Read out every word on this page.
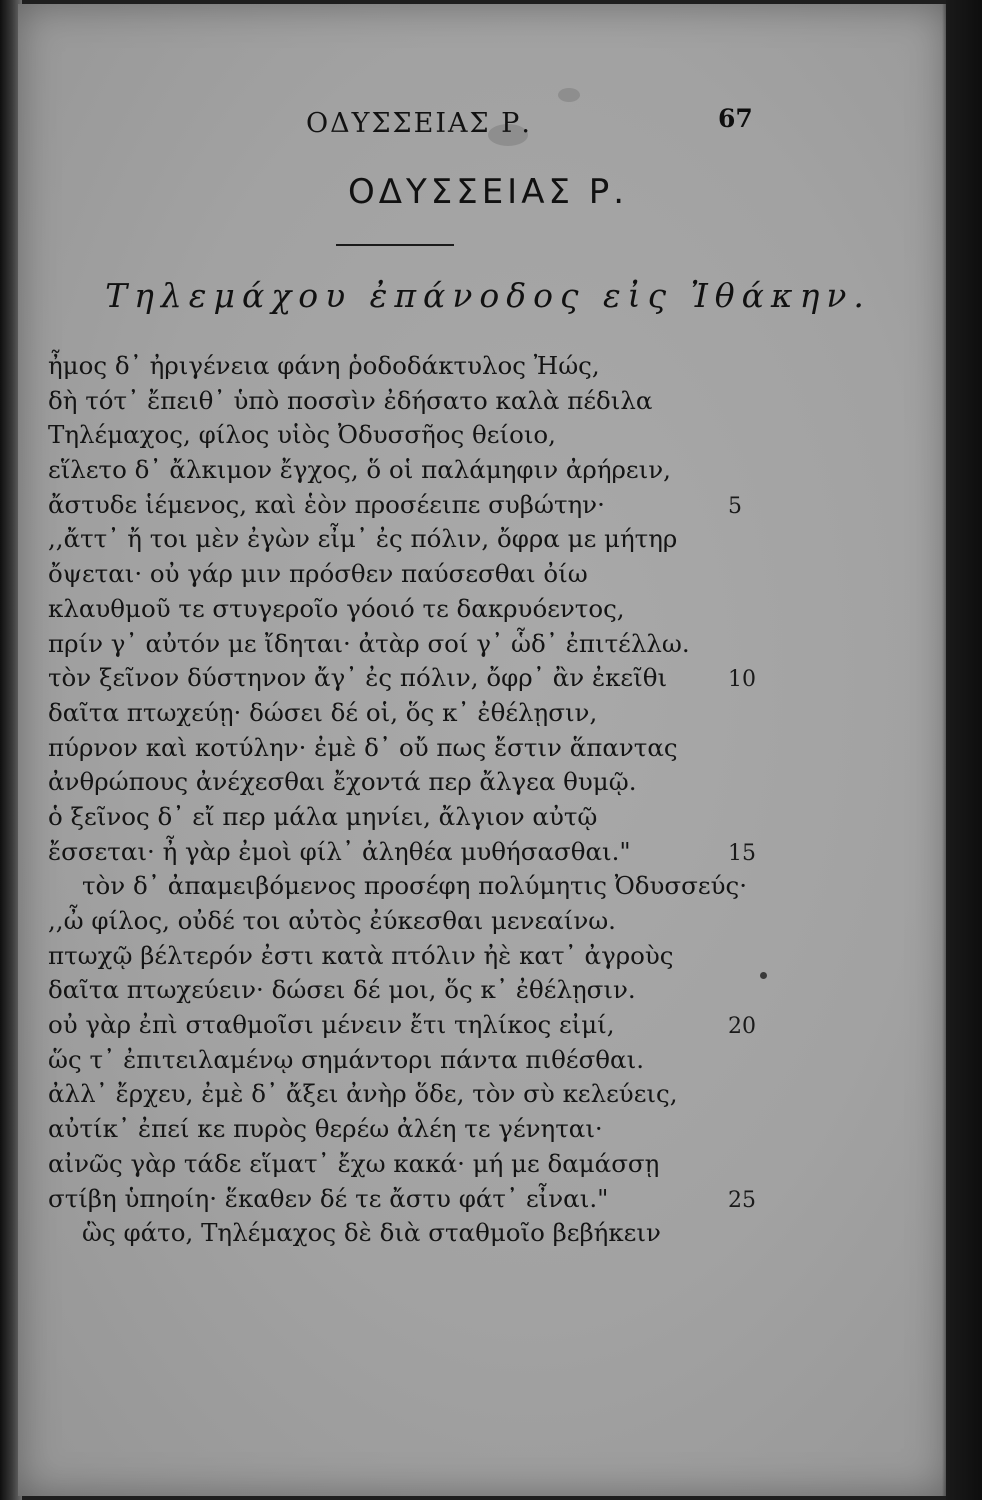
ΟΔΥΣΣΕΙΑΣ Ρ.	67
ΟΔΥΣΣΕΙΑΣ Ρ.
Τηλεμάχου ἐπάνοδος εἰς Ἰθάκην.
ἦμος δ᾽ ἠριγένεια φάνη ῥοδοδάκτυλος Ἠώς,
δὴ τότ᾽ ἔπειθ᾽ ὑπὸ ποσσὶν ἐδήσατο καλὰ πέδιλα
Τηλέμαχος, φίλος υἱὸς Ὀδυσσῆος θείοιο,
εἵλετο δ᾽ ἄλκιμον ἔγχος, ὅ οἱ παλάμηφιν ἀρήρειν,
ἄστυδε ἱέμενος, καὶ ἑὸν προσέειπε συβώτην·	5
,,ἄττ᾽ ἤ τοι μὲν ἐγὼν εἶμ᾽ ἐς πόλιν, ὄφρα με μήτηρ
ὄψεται· οὐ γάρ μιν πρόσθεν παύσεσθαι ὀίω
κλαυθμοῦ τε στυγεροῖο γόοιό τε δακρυόεντος,
πρίν γ᾽ αὐτόν με ἴδηται· ἀτὰρ σοί γ᾽ ὧδ᾽ ἐπιτέλλω.
τὸν ξεῖνον δύστηνον ἄγ᾽ ἐς πόλιν, ὄφρ᾽ ἂν ἐκεῖθι	10
δαῖτα πτωχεύῃ· δώσει δέ οἱ, ὅς κ᾽ ἐθέλῃσιν,
πύρνον καὶ κοτύλην· ἐμὲ δ᾽ οὔ πως ἔστιν ἅπαντας
ἀνθρώπους ἀνέχεσθαι ἔχοντά περ ἄλγεα θυμῷ.
ὁ ξεῖνος δ᾽ εἴ περ μάλα μηνίει, ἄλγιον αὐτῷ
ἔσσεται· ἦ γὰρ ἐμοὶ φίλ᾽ ἀληθέα μυθήσασθαι."	15
τὸν δ᾽ ἀπαμειβόμενος προσέφη πολύμητις Ὀδυσσεύς·
,,ὦ φίλος, οὐδέ τοι αὐτὸς ἐύκεσθαι μενεαίνω.
πτωχῷ βέλτερόν ἐστι κατὰ πτόλιν ἠὲ κατ᾽ ἀγροὺς
δαῖτα πτωχεύειν· δώσει δέ μοι, ὅς κ᾽ ἐθέλῃσιν.
οὐ γὰρ ἐπὶ σταθμοῖσι μένειν ἔτι τηλίκος εἰμί,	20
ὥς τ᾽ ἐπιτειλαμένῳ σημάντορι πάντα πιθέσθαι.
ἀλλ᾽ ἔρχευ, ἐμὲ δ᾽ ἄξει ἀνὴρ ὅδε, τὸν σὺ κελεύεις,
αὐτίκ᾽ ἐπεί κε πυρὸς θερέω ἀλέη τε γένηται·
αἰνῶς γὰρ τάδε εἵματ᾽ ἔχω κακά· μή με δαμάσσῃ
στίβη ὑπηοίη· ἕκαθεν δέ τε ἄστυ φάτ᾽ εἶναι."	25
ὣς φάτο, Τηλέμαχος δὲ διὰ σταθμοῖο βεβήκειν
